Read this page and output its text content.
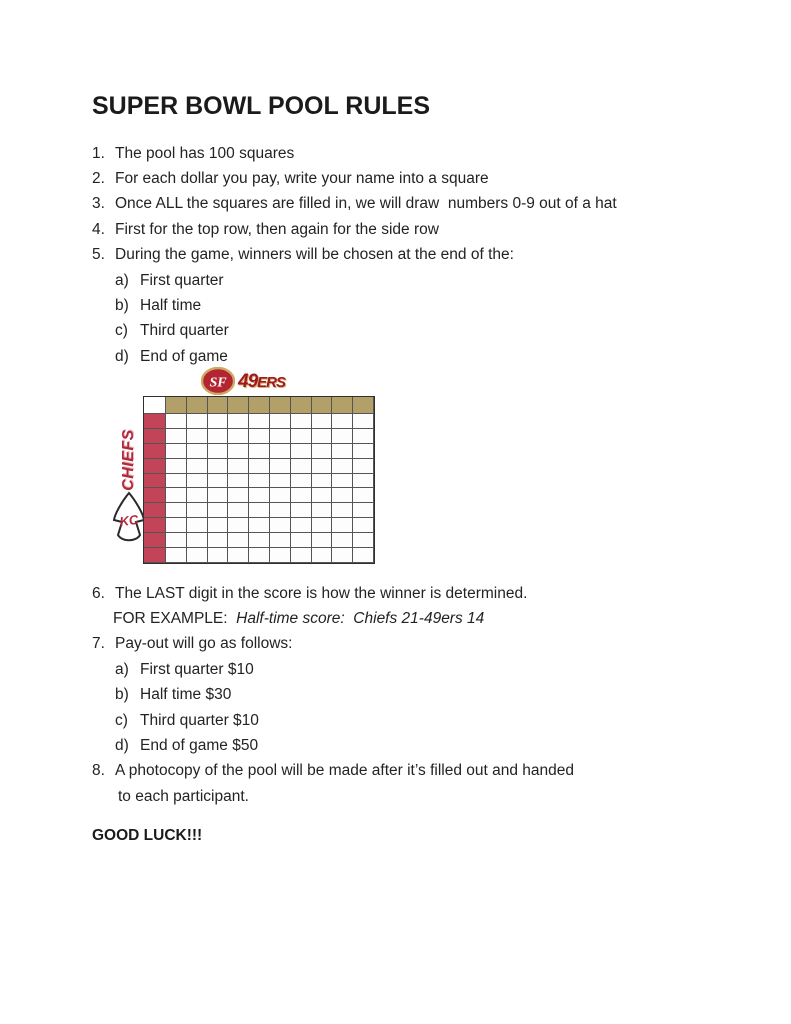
SUPER BOWL POOL RULES
1. The pool has 100 squares
2. For each dollar you pay, write your name into a square
3. Once ALL the squares are filled in, we will draw  numbers 0-9 out of a hat
4. First for the top row, then again for the side row
5. During the game, winners will be chosen at the end of the:
a) First quarter
b) Half time
c) Third quarter
d) End of game
SF 49 ERS
CHIEFS
KC
6. The LAST digit in the score is how the winner is determined.
FOR EXAMPLE: Half-time score:  Chiefs 21-49ers 14
7. Pay-out will go as follows:
a) First quarter $10
b) Half time $30
c) Third quarter $10
d) End of game $50
8. A photocopy of the pool will be made after it’s filled out and handed
to each participant.
GOOD LUCK!!!
